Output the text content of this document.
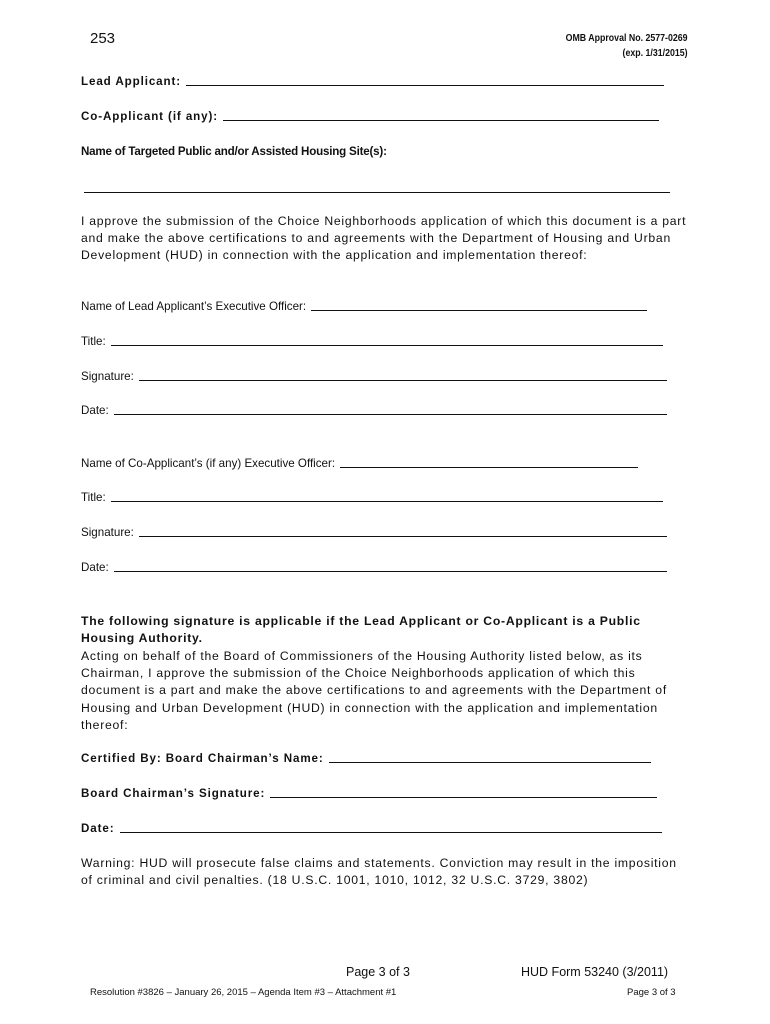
253	OMB Approval No. 2577-0269
(exp. 1/31/2015)
Lead Applicant:
Co-Applicant (if any):
Name of Targeted Public and/or Assisted Housing Site(s):
I approve the submission of the Choice Neighborhoods application of which this document is a part and make the above certifications to and agreements with the Department of Housing and Urban Development (HUD) in connection with the application and implementation thereof:
Name of Lead Applicant’s Executive Officer:
Title:
Signature:
Date:
Name of Co-Applicant’s (if any) Executive Officer:
Title:
Signature:
Date:
The following signature is applicable if the Lead Applicant or Co-Applicant is a Public Housing Authority.
Acting on behalf of the Board of Commissioners of the Housing Authority listed below, as its Chairman, I approve the submission of the Choice Neighborhoods application of which this document is a part and make the above certifications to and agreements with the Department of Housing and Urban Development (HUD) in connection with the application and implementation thereof:
Certified By: Board Chairman’s Name:
Board Chairman’s Signature:
Date:
Warning: HUD will prosecute false claims and statements. Conviction may result in the imposition of criminal and civil penalties. (18 U.S.C. 1001, 1010, 1012, 32 U.S.C. 3729, 3802)
Page 3 of 3	HUD Form 53240 (3/2011)
Resolution #3826 – January 26, 2015 – Agenda Item #3 – Attachment #1	Page 3 of 3
